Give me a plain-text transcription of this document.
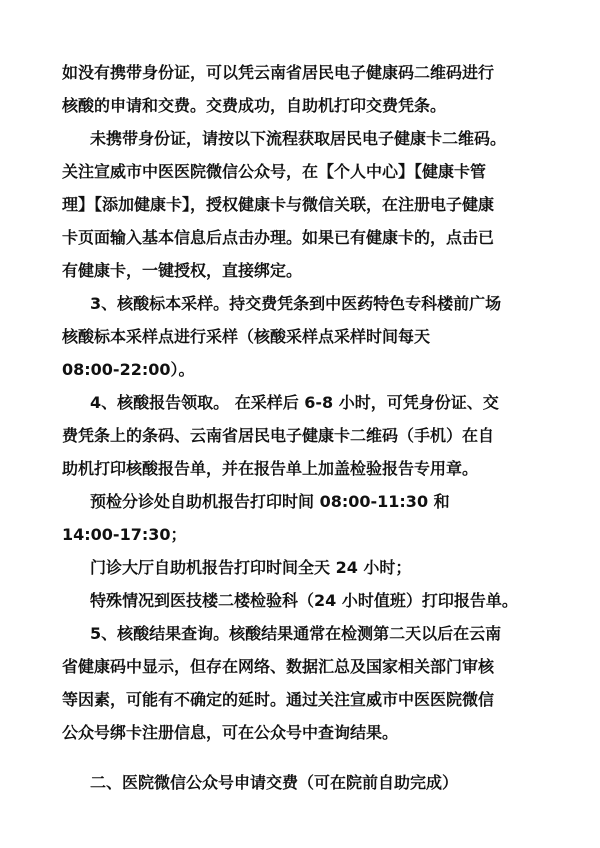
如没有携带身份证，可以凭云南省居民电子健康码二维码进行
核酸的申请和交费。交费成功，自助机打印交费凭条。
未携带身份证，请按以下流程获取居民电子健康卡二维码。
关注宣威市中医医院微信公众号，在【个人中心】【健康卡管
理】【添加健康卡】，授权健康卡与微信关联，在注册电子健康
卡页面输入基本信息后点击办理。如果已有健康卡的，点击已
有健康卡，一键授权，直接绑定。
3、核酸标本采样。持交费凭条到中医药特色专科楼前广场
核酸标本采样点进行采样（核酸采样点采样时间每天
08:00-22:00）。
4、核酸报告领取。 在采样后 6-8 小时，可凭身份证、交
费凭条上的条码、云南省居民电子健康卡二维码（手机）在自
助机打印核酸报告单，并在报告单上加盖检验报告专用章。
预检分诊处自助机报告打印时间 08:00-11:30 和
14:00-17:30；
门诊大厅自助机报告打印时间全天 24 小时；
特殊情况到医技楼二楼检验科（24 小时值班）打印报告单。
5、核酸结果查询。核酸结果通常在检测第二天以后在云南
省健康码中显示，但存在网络、数据汇总及国家相关部门审核
等因素，可能有不确定的延时。通过关注宣威市中医医院微信
公众号绑卡注册信息，可在公众号中查询结果。
二、医院微信公众号申请交费（可在院前自助完成）
